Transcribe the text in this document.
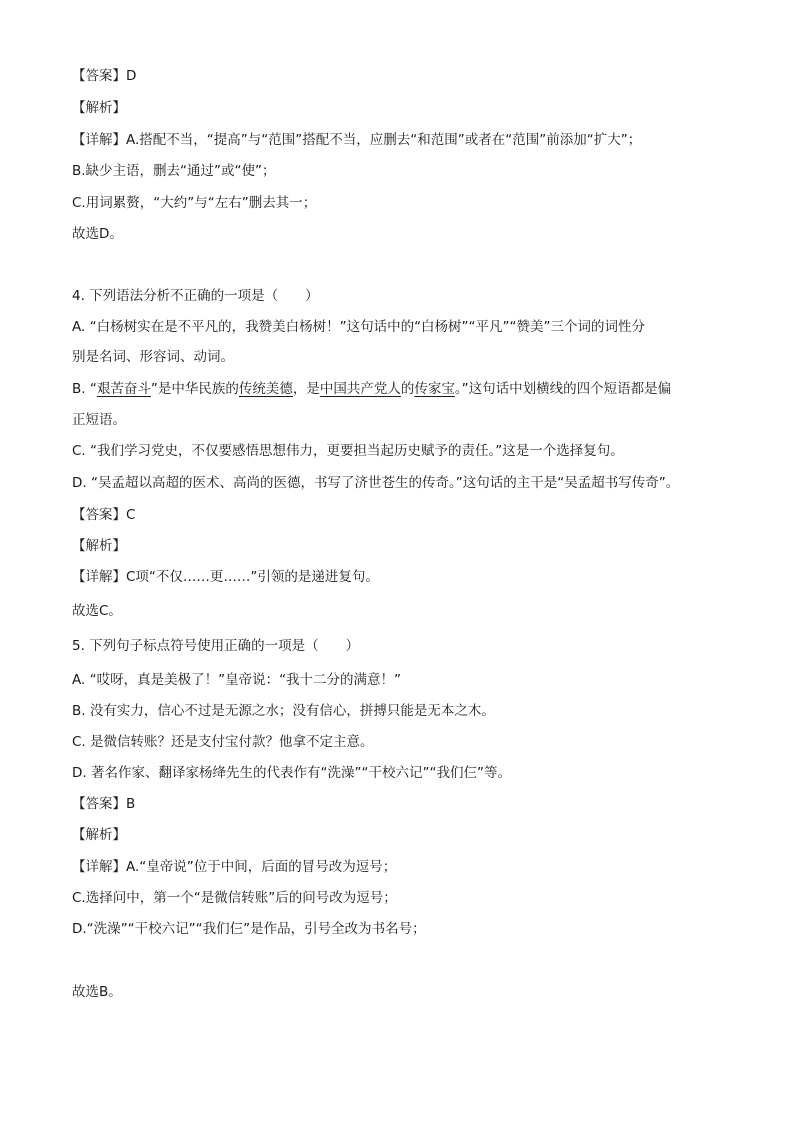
【答案】D
【解析】
【详解】A.搭配不当，“提高”与“范围”搭配不当，应删去“和范围”或者在“范围”前添加“扩大”；
B.缺少主语，删去“通过”或“使”；
C.用词累赘，“大约”与“左右”删去其一；
故选D。
4. 下列语法分析不正确的一项是（　　）
A. “白杨树实在是不平凡的，我赞美白杨树！”这句话中的“白杨树”“平凡”“赞美”三个词的词性分
别是名词、形容词、动词。
B. “艰苦奋斗”是中华民族的传统美德，是中国共产党人的传家宝。”这句话中划横线的四个短语都是偏
正短语。
C. “我们学习党史，不仅要感悟思想伟力，更要担当起历史赋予的责任。”这是一个选择复句。
D. “吴孟超以高超的医术、高尚的医德，书写了济世苍生的传奇。”这句话的主干是“吴孟超书写传奇”。
【答案】C
【解析】
【详解】C项“不仅……更……”引领的是递进复句。
故选C。
5. 下列句子标点符号使用正确的一项是（　　）
A. “哎呀，真是美极了！”皇帝说：“我十二分的满意！”
B. 没有实力，信心不过是无源之水；没有信心，拼搏只能是无本之木。
C. 是微信转账？还是支付宝付款？他拿不定主意。
D. 著名作家、翻译家杨绛先生的代表作有“洗澡”“干校六记”“我们仨”等。
【答案】B
【解析】
【详解】A.“皇帝说”位于中间，后面的冒号改为逗号；
C.选择问中，第一个“是微信转账”后的问号改为逗号；
D.“洗澡”“干校六记”“我们仨”是作品，引号全改为书名号；
故选B。
